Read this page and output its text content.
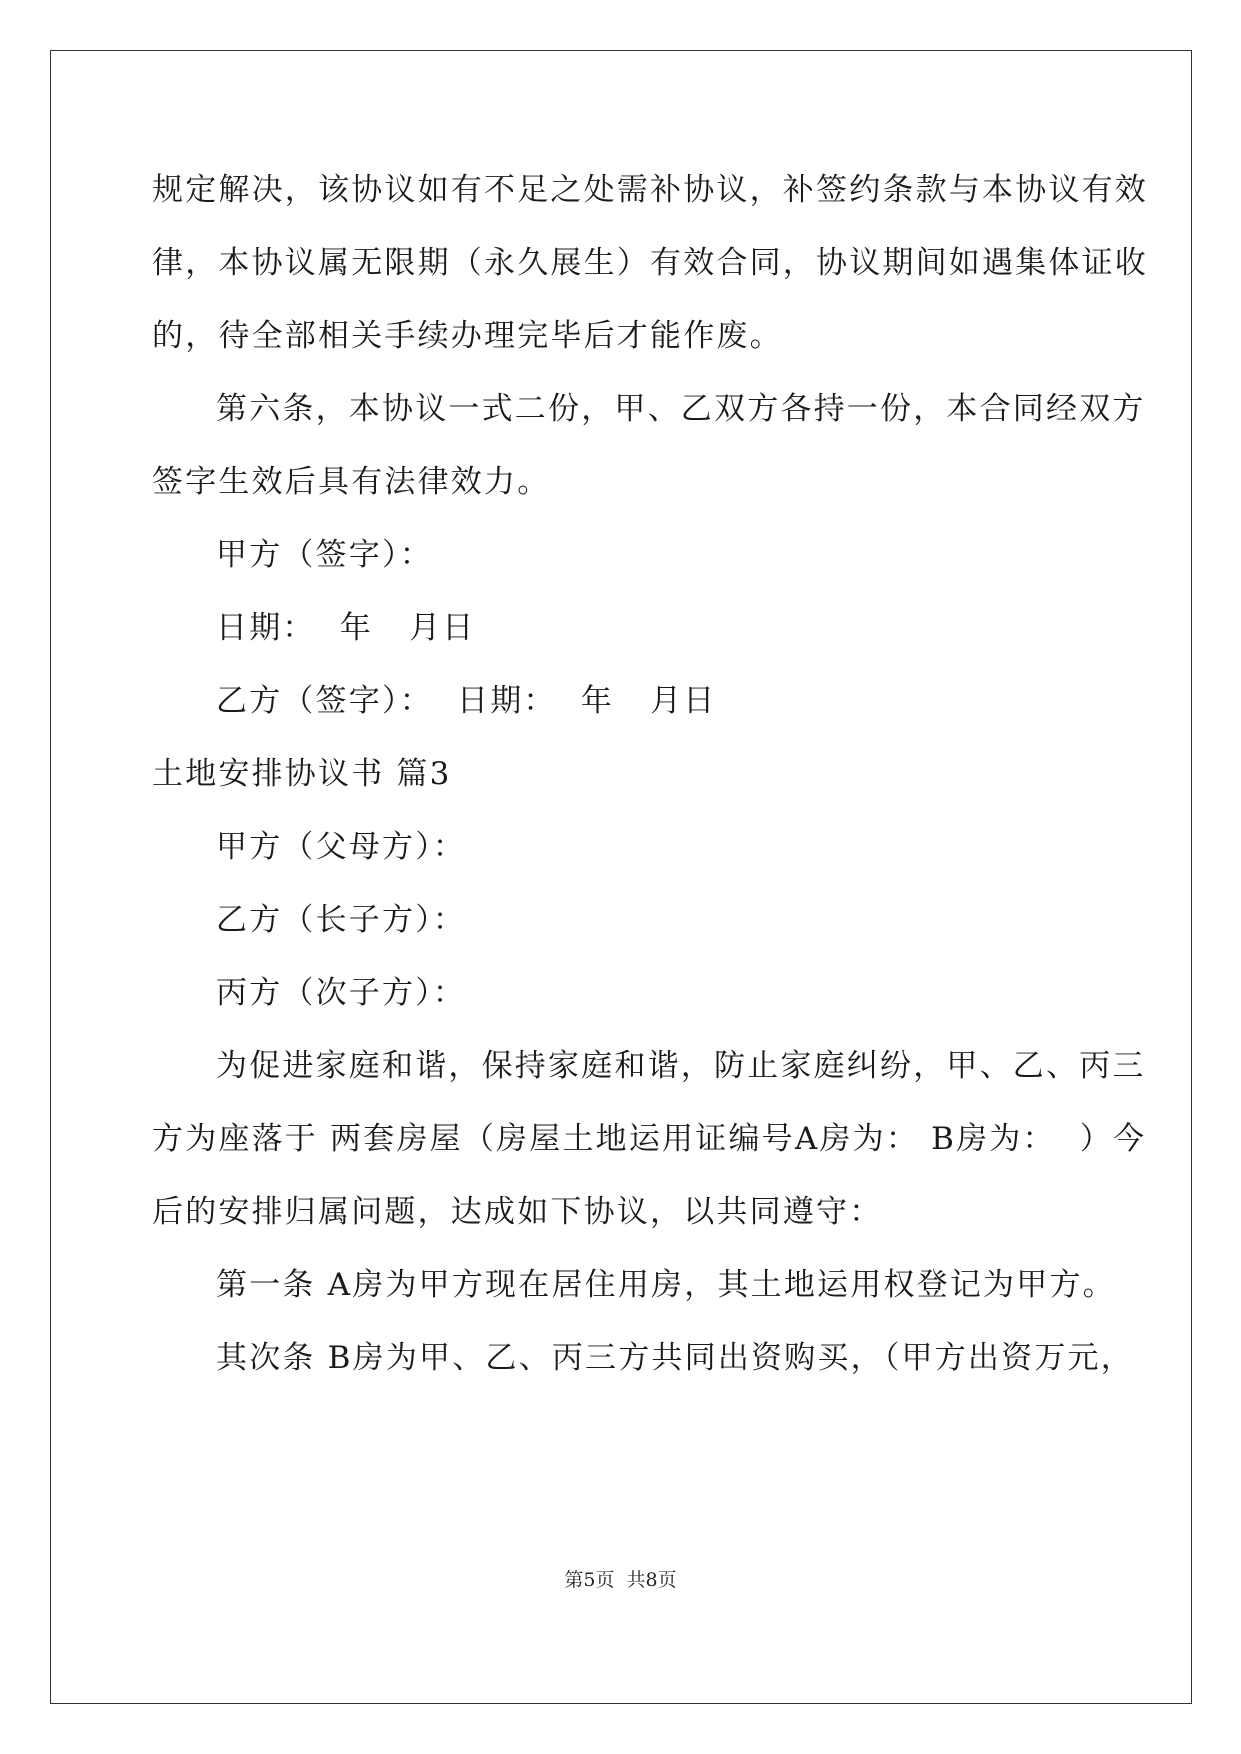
规定解决，该协议如有不足之处需补协议，补签约条款与本协议有效
律，本协议属无限期（永久展生）有效合同，协议期间如遇集体证收
的，待全部相关手续办理完毕后才能作废。
第六条，本协议一式二份，甲、乙双方各持一份，本合同经双方
签字生效后具有法律效力。
甲方（签字）：
日期：  年   月日
乙方（签字）：  日期：  年   月日
土地安排协议书 篇3
甲方（父母方）：
乙方（长子方）：
丙方（次子方）：
为促进家庭和谐，保持家庭和谐，防止家庭纠纷，甲、乙、丙三
方为座落于 两套房屋（房屋土地运用证编号A房为： B房为：  ）今
后的安排归属问题，达成如下协议，以共同遵守：
第一条 A房为甲方现在居住用房，其土地运用权登记为甲方。
其次条 B房为甲、乙、丙三方共同出资购买，（甲方出资万元，
第5页  共8页
